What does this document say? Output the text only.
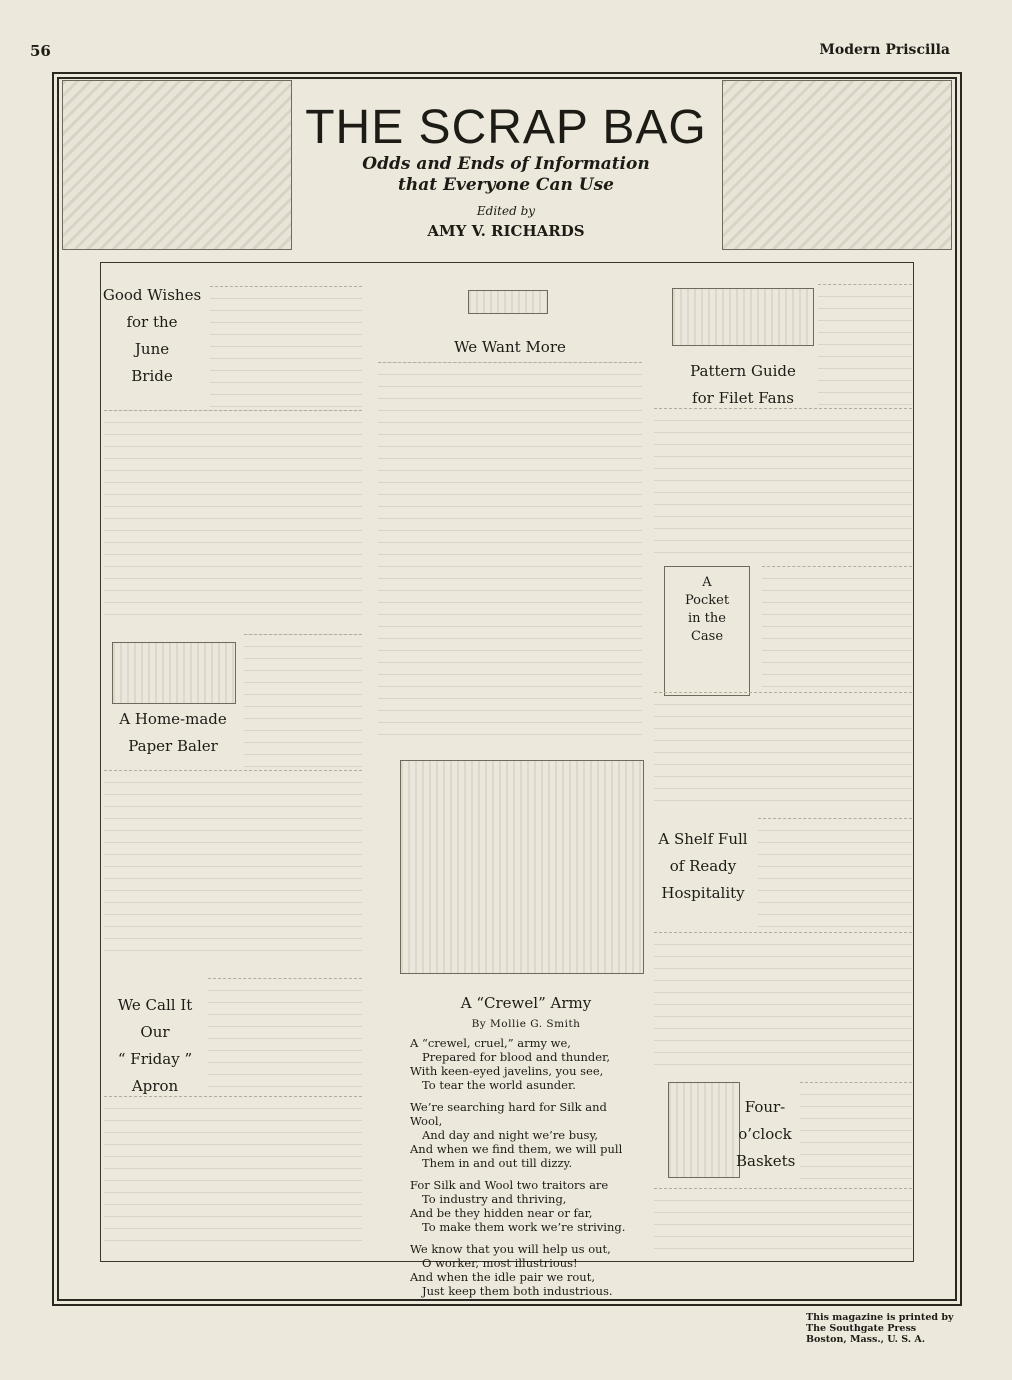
56	Modern Priscilla
THE SCRAP BAG
Odds and Ends of Information
that Everyone Can Use
Edited by
AMY V. RICHARDS
Good Wishes
for the
June
Bride
A Home-made
Paper Baler
We Call It
Our
“ Friday ”
Apron
We Want More
A “Crewel” Army
By Mollie G. Smith

A “crewel, cruel,” army we,
Prepared for blood and thunder,
With keen-eyed javelins, you see,
To tear the world asunder.

We’re searching hard for Silk and Wool,
And day and night we’re busy,
And when we find them, we will pull
Them in and out till dizzy.

For Silk and Wool two traitors are
To industry and thriving,
And be they hidden near or far,
To make them work we’re striving.

We know that you will help us out,
O worker, most illustrious!
And when the idle pair we rout,
Just keep them both industrious.

Pattern Guide
for Filet Fans
A
Pocket
in the
Case
A Shelf Full
of Ready
Hospitality
Four-
o’clock
Baskets
This magazine is printed by
The Southgate Press
Boston, Mass., U. S. A.
